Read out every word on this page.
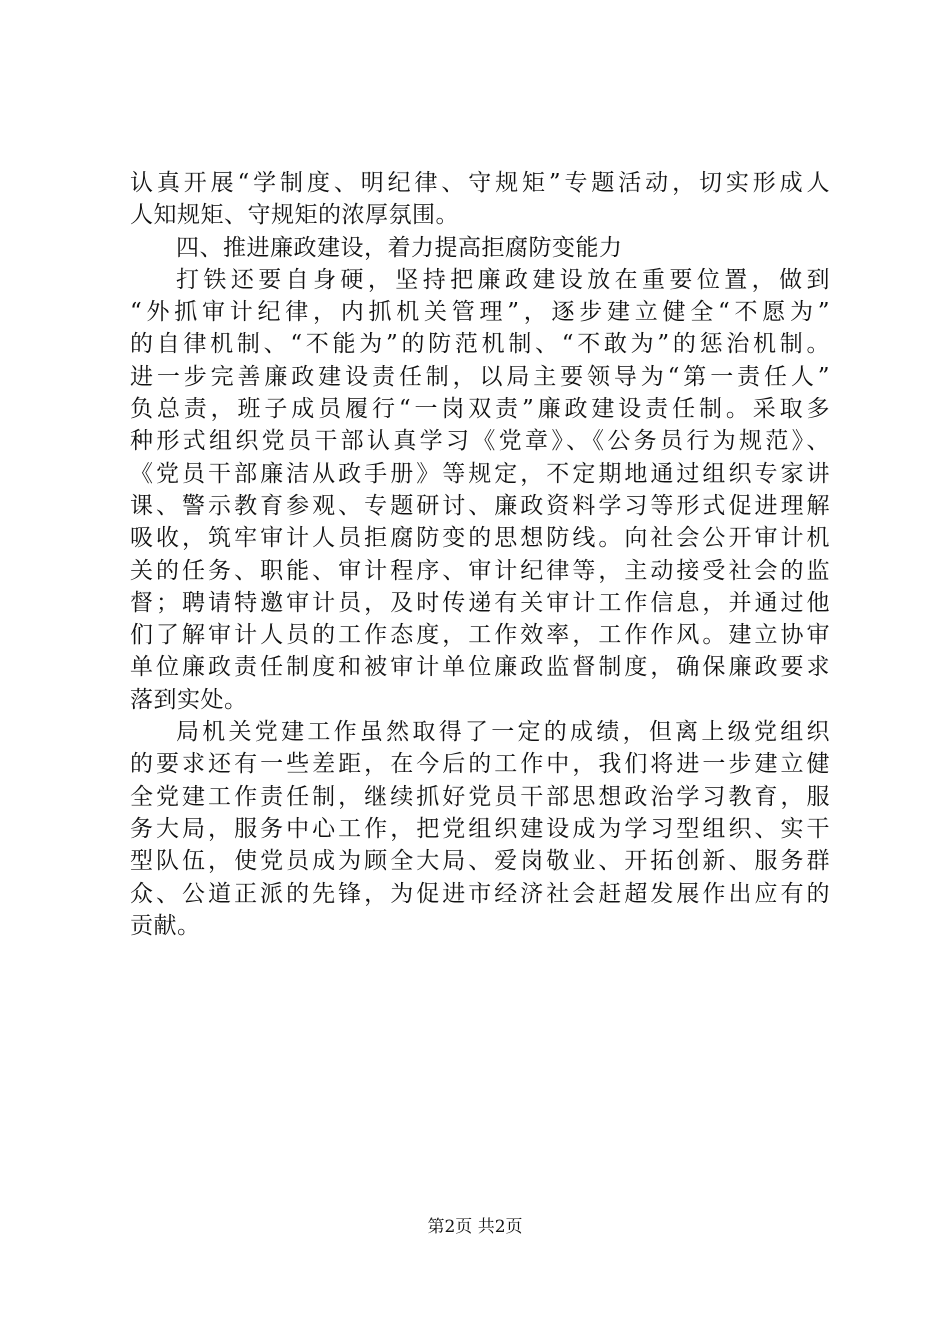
认真开展“学制度、明纪律、守规矩”专题活动，切实形成人
人知规矩、守规矩的浓厚氛围。
四、推进廉政建设，着力提高拒腐防变能力
打铁还要自身硬，坚持把廉政建设放在重要位置，做到
“外抓审计纪律，内抓机关管理”，逐步建立健全“不愿为”
的自律机制、“不能为”的防范机制、“不敢为”的惩治机制。
进一步完善廉政建设责任制，以局主要领导为“第一责任人”
负总责，班子成员履行“一岗双责”廉政建设责任制。采取多
种形式组织党员干部认真学习《党章》、《公务员行为规范》、
《党员干部廉洁从政手册》等规定，不定期地通过组织专家讲
课、警示教育参观、专题研讨、廉政资料学习等形式促进理解
吸收，筑牢审计人员拒腐防变的思想防线。向社会公开审计机
关的任务、职能、审计程序、审计纪律等，主动接受社会的监
督；聘请特邀审计员，及时传递有关审计工作信息，并通过他
们了解审计人员的工作态度，工作效率，工作作风。建立协审
单位廉政责任制度和被审计单位廉政监督制度，确保廉政要求
落到实处。
局机关党建工作虽然取得了一定的成绩，但离上级党组织
的要求还有一些差距，在今后的工作中，我们将进一步建立健
全党建工作责任制，继续抓好党员干部思想政治学习教育，服
务大局，服务中心工作，把党组织建设成为学习型组织、实干
型队伍，使党员成为顾全大局、爱岗敬业、开拓创新、服务群
众、公道正派的先锋，为促进市经济社会赶超发展作出应有的
贡献。
第2页 共2页
